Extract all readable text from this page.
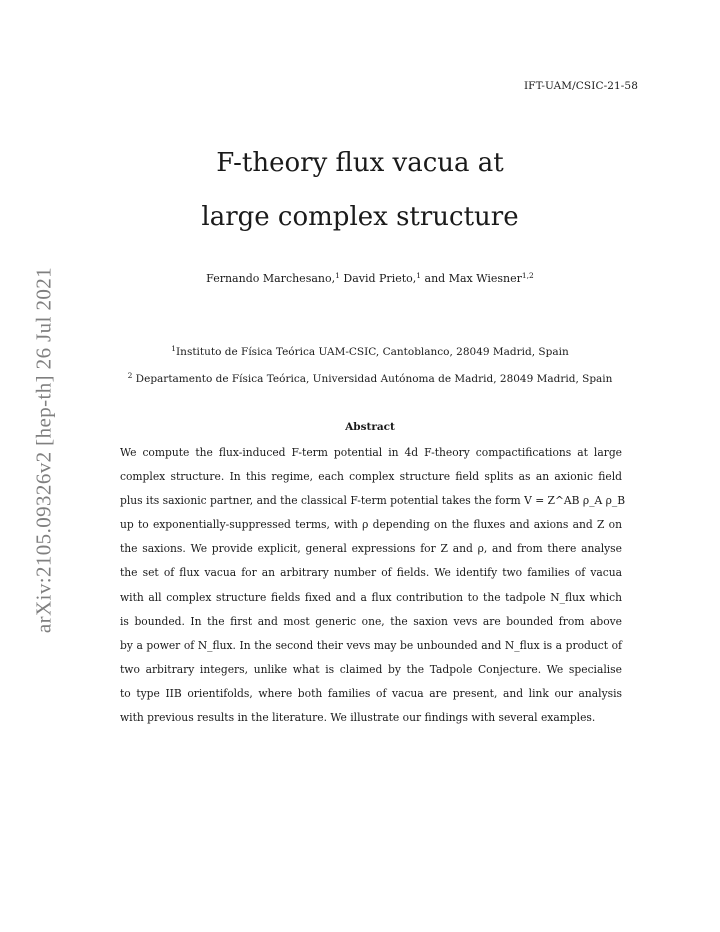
IFT-UAM/CSIC-21-58
F-theory flux vacua at
large complex structure
Fernando Marchesano,$^1$ David Prieto,$^1$ and Max Wiesner$^{1,2}$
$^1$Instituto de Física Teórica UAM-CSIC, Cantoblanco, 28049 Madrid, Spain
$^2$ Departamento de Física Teórica, Universidad Autónoma de Madrid, 28049 Madrid, Spain
Abstract
We compute the flux-induced F-term potential in 4d F-theory compactifications at large
complex structure. In this regime, each complex structure field splits as an axionic field
plus its saxionic partner, and the classical F-term potential takes the form V = Z^AB ρ_A ρ_B
up to exponentially-suppressed terms, with ρ depending on the fluxes and axions and Z on
the saxions. We provide explicit, general expressions for Z and ρ, and from there analyse
the set of flux vacua for an arbitrary number of fields. We identify two families of vacua
with all complex structure fields fixed and a flux contribution to the tadpole N_flux which
is bounded. In the first and most generic one, the saxion vevs are bounded from above
by a power of N_flux. In the second their vevs may be unbounded and N_flux is a product of
two arbitrary integers, unlike what is claimed by the Tadpole Conjecture. We specialise
to type IIB orientifolds, where both families of vacua are present, and link our analysis
with previous results in the literature. We illustrate our findings with several examples.
arXiv:2105.09326v2 [hep-th] 26 Jul 2021
